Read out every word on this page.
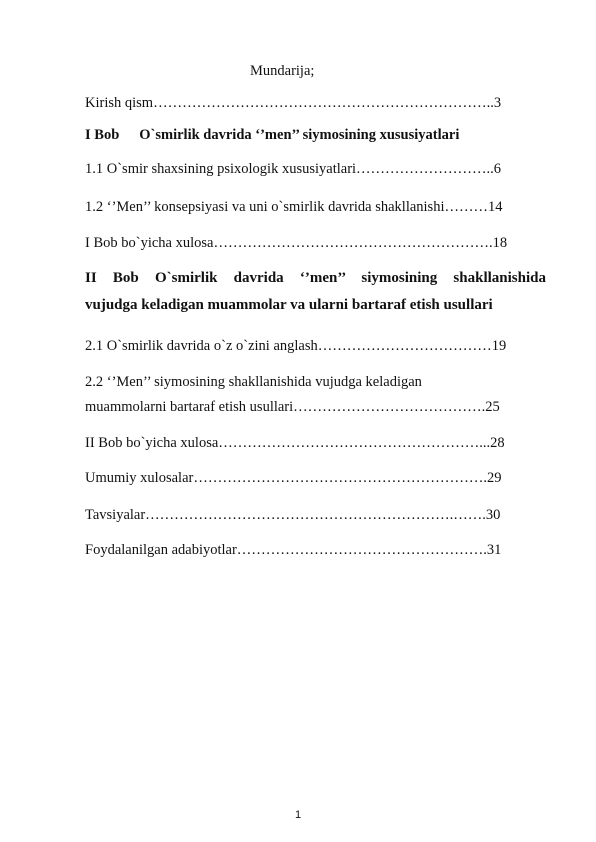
Mundarija;
Kirish qism……………………………………………………………..3
I Bob O`smirlik davrida ‘’men’’ siymosining xususiyatlari
1.1 O`smir shaxsining psixologik xususiyatlari………………………..6
1.2 ‘’Men’’ konsepsiyasi va uni o`smirlik davrida shakllanishi………14
I Bob bo`yicha xulosa………………………………………………….18
II Bob O`smirlik davrida ‘’men’’ siymosining shakllanishida
vujudga keladigan muammolar va ularni bartaraf etish usullari
2.1 O`smirlik davrida o`z o`zini anglash………………………………19
2.2 ‘’Men’’ siymosining shakllanishida vujudga keladigan
muammolarni bartaraf etish usullari………………………………….25
II Bob bo`yicha xulosa………………………………………………...28
Umumiy xulosalar…………………………………………………….29
Tavsiyalar……………………………………………………….…….30
Foydalanilgan adabiyotlar…………………………………………….31
1
